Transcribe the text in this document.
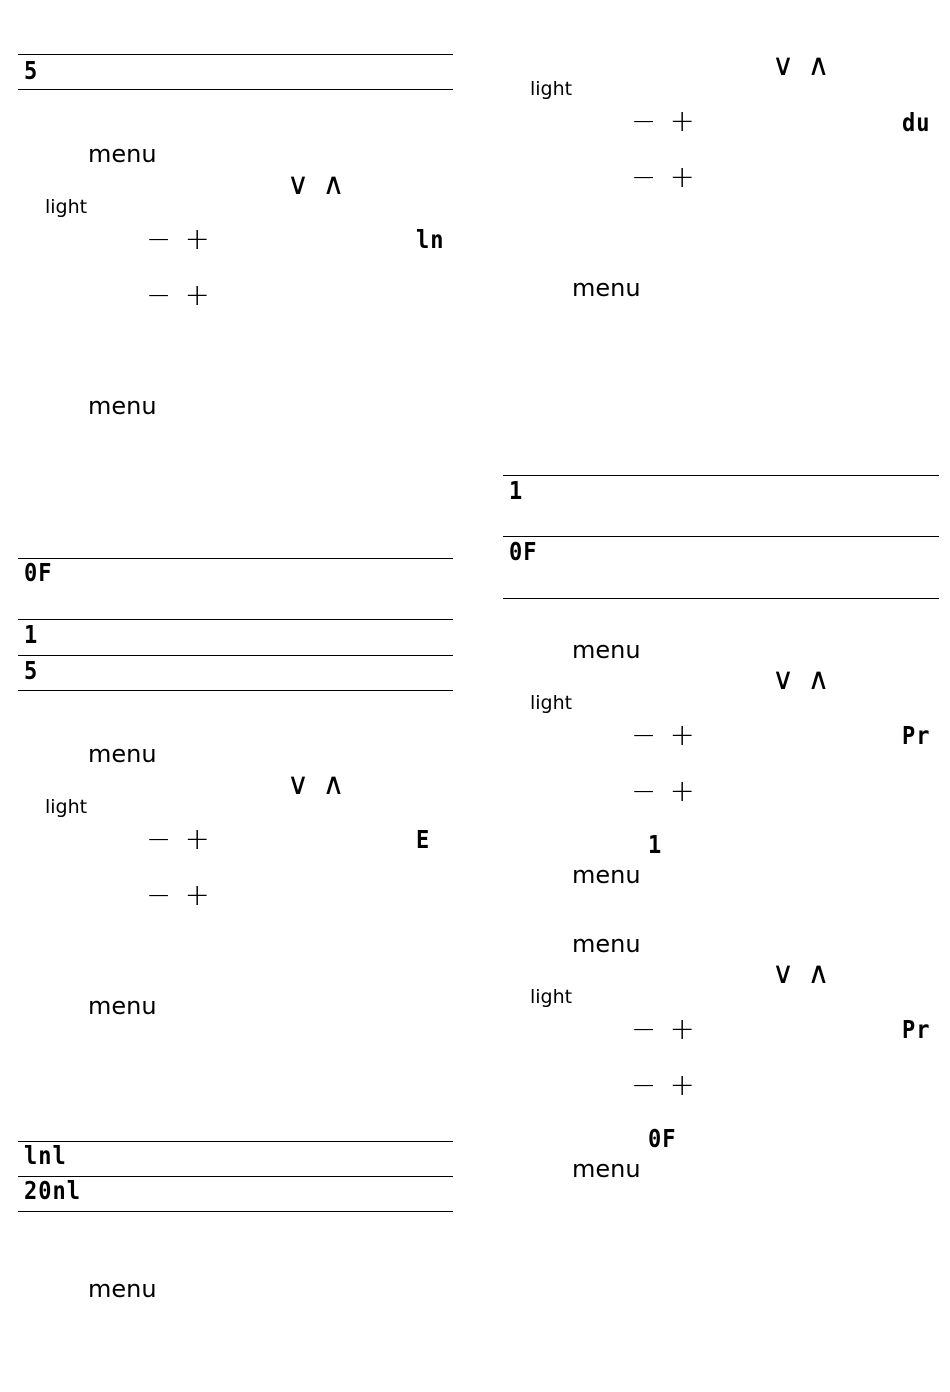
5
menu
∨ ∧
light
− +	ln
− +
menu
0F
1
5
menu
∨ ∧
light
− +	E
− +
menu
lnl
20nl
menu
∨ ∧
light
− +	du
− +
menu
1
0F
menu
∨ ∧
light
− +	Pr
− +
1
menu
menu
∨ ∧
light
− +	Pr
− +
0F
menu
